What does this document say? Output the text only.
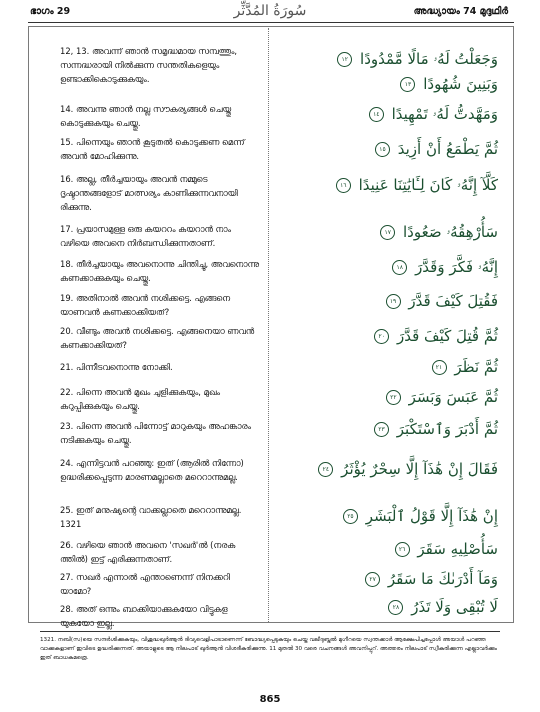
ഭാഗം 29	سُورَةُ المُدَّثِّر	അദ്ധ്യായം 74 മുദ്ദഥിർ
12, 13. അവന്ന് ഞാൻ സമൃദ്ധമായ സമ്പത്തും, സന്നദ്ധരായി നിൽക്കുന്ന സന്തതികളെയും ഉണ്ടാക്കികൊടുക്കുകയും.
14. അവന്നു ഞാൻ നല്ല സൗകര്യങ്ങൾ ചെയ്തു കൊടുക്കുകയും ചെയ്തു.
15. പിന്നെയും ഞാൻ കൂടുതൽ കൊടുക്കണ മെന്ന് അവൻ മോഹിക്കുന്നു.
16. അല്ല, തീർച്ചയായും അവൻ നമ്മുടെ ദൃഷ്ടാന്തങ്ങളോട് മാത്സര്യം കാണിക്കുന്നവനായി രിക്കുന്നു.
17. പ്രയാസമുള്ള ഒരു കയററം കയറാൻ നാം വഴിയെ അവനെ നിർബന്ധിക്കുന്നതാണ്.
18. തീർച്ചയായും അവനൊന്നു ചിന്തിച്ചു, അവനൊന്നു കണക്കാക്കുകയും ചെയ്തു.
19. അതിനാൽ അവൻ നശിക്കട്ടെ. എങ്ങനെ യാണവൻ കണക്കാക്കിയത്?
20. വീണ്ടും അവൻ നശിക്കട്ടെ. എങ്ങനെയാ ണവൻ കണക്കാക്കിയത്?
21. പിന്നീടവനൊന്നു നോക്കി.
22. പിന്നെ അവൻ മുഖം ചുളിക്കുകയും, മുഖം കറുപ്പിക്കുകയും ചെയ്തു.
23. പിന്നെ അവൻ പിന്നോട്ട് മാറുകയും അഹങ്കാരം നടിക്കുകയും ചെയ്തു.
24. എന്നിട്ടവൻ പറഞ്ഞു: ഇത് (ആരിൽ നിന്നോ) ഉദ്ധരിക്കപ്പെടുന്ന മാരണമല്ലാതെ മറെറാന്നുമല്ല.
25. ഇത് മനുഷ്യന്റെ വാക്കല്ലാതെ മറെറാന്നുമല്ല. 1321
26. വഴിയെ ഞാൻ അവനെ 'സഖർ'ൽ (നരക ത്തിൽ) ഇട്ട് എരിക്കുന്നതാണ്.
27. സഖർ എന്നാൽ എന്താണെന്ന് നിനക്കറി യാമോ?
28. അത് ഒന്നും ബാക്കിയാക്കുകയോ വിട്ടുകള യുകയോ ഇല്ല.
وَجَعَلْتُ لَهُۥ مَالًا مَّمْدُودًا ١٢
وَبَنِينَ شُهُودًا ١٣
وَمَهَّدتُّ لَهُۥ تَمْهِيدًا ١٤
ثُمَّ يَطْمَعُ أَنْ أَزِيدَ ١٥
كَلَّآ إِنَّهُۥ كَانَ لِـَٔايَٰتِنَا عَنِيدًا ١٦
سَأُرْهِقُهُۥ صَعُودًا ١٧
إِنَّهُۥ فَكَّرَ وَقَدَّرَ ١٨
فَقُتِلَ كَيْفَ قَدَّرَ ١٩
ثُمَّ قُتِلَ كَيْفَ قَدَّرَ ٢٠
ثُمَّ نَظَرَ ٢١
ثُمَّ عَبَسَ وَبَسَرَ ٢٢
ثُمَّ أَدْبَرَ وَٱسْتَكْبَرَ ٢٣
فَقَالَ إِنْ هَٰذَآ إِلَّا سِحْرٌ يُؤْثَرُ ٢٤
إِنْ هَٰذَآ إِلَّا قَوْلُ ٱلْبَشَرِ ٢٥
سَأُصْلِيهِ سَقَرَ ٢٦
وَمَآ أَدْرَىٰكَ مَا سَقَرُ ٢٧
لَا تُبْقِى وَلَا تَذَرُ ٢٨
1321. നബി(സ)യെ സന്ദർശിക്കുകയും, വിശുദ്ധഖുർആൻ ദിവ്യവെളിപാടാണെന്ന് ബോദ്ധ്യപ്പെടുകയും ചെയ്ത വലീദുബ്നുൽ മുഗീറയെ സ്വന്തക്കാർ ആക്ഷേപിച്ചപ്പോൾ അയാൾ പറഞ്ഞ വാക്കുകളാണ് ഇവിടെ ഉദ്ധരിക്കുന്നത്. അയാളുടെ ആ നിലപാട് ഖുർആൻ വിശദീകരിക്കുന്നു. 11 മുതൽ 30 വരെ വചനങ്ങൾ അവനിപ്പുറ്. അത്തരം നിലപാട് സ്വീകരിക്കുന്ന എല്ലാവർക്കും ഇത് ബാധകമത്രെ.
865
